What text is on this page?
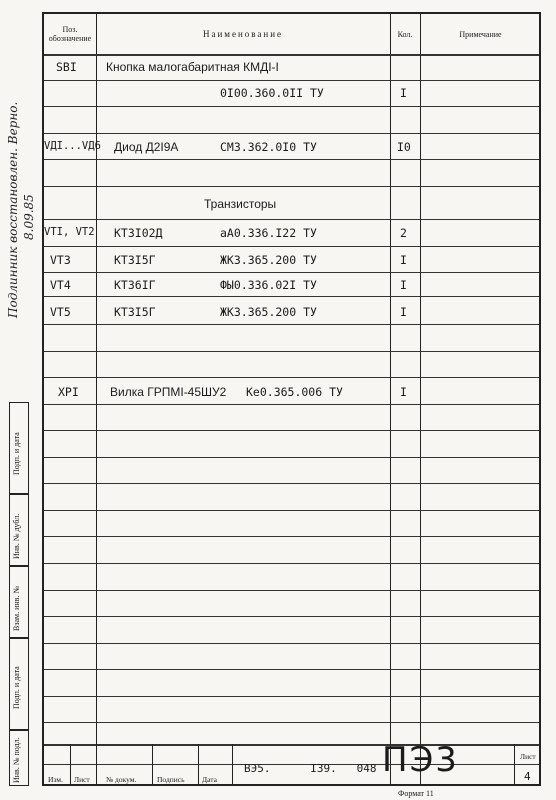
Подп. и дата
Инв. № дубл.
Взам. инв. №
Подп. и дата
Инв. № подл.
Подлинник восстановлен. Верно. 8.09.85
Поз. обозначение	Наименование	Кол.	Примечание
Изм. Лист № докум.	Подпись Дата
ВЭ5.      I39.   048 ПЭ3	Лист
4
SBI Кнопка малогабаритная КМДI-I
0I00.360.0II ТУ	I
VДI...VД6 Диод Д2I9А	СМ3.362.0I0 ТУ	I0
Транзисторы
VTI, VT2 КТ3I02Д	аА0.336.I22 ТУ	2
VT3	КТ3I5Г	ЖК3.365.200 ТУ	I
VT4	КТ36IГ	ФЫ0.336.02I ТУ	I
VT5	КТ3I5Г	ЖК3.365.200 ТУ	I
XPI	Вилка ГРПМI-45ШУ2 Ке0.365.006 ТУ	I
Формат 11
